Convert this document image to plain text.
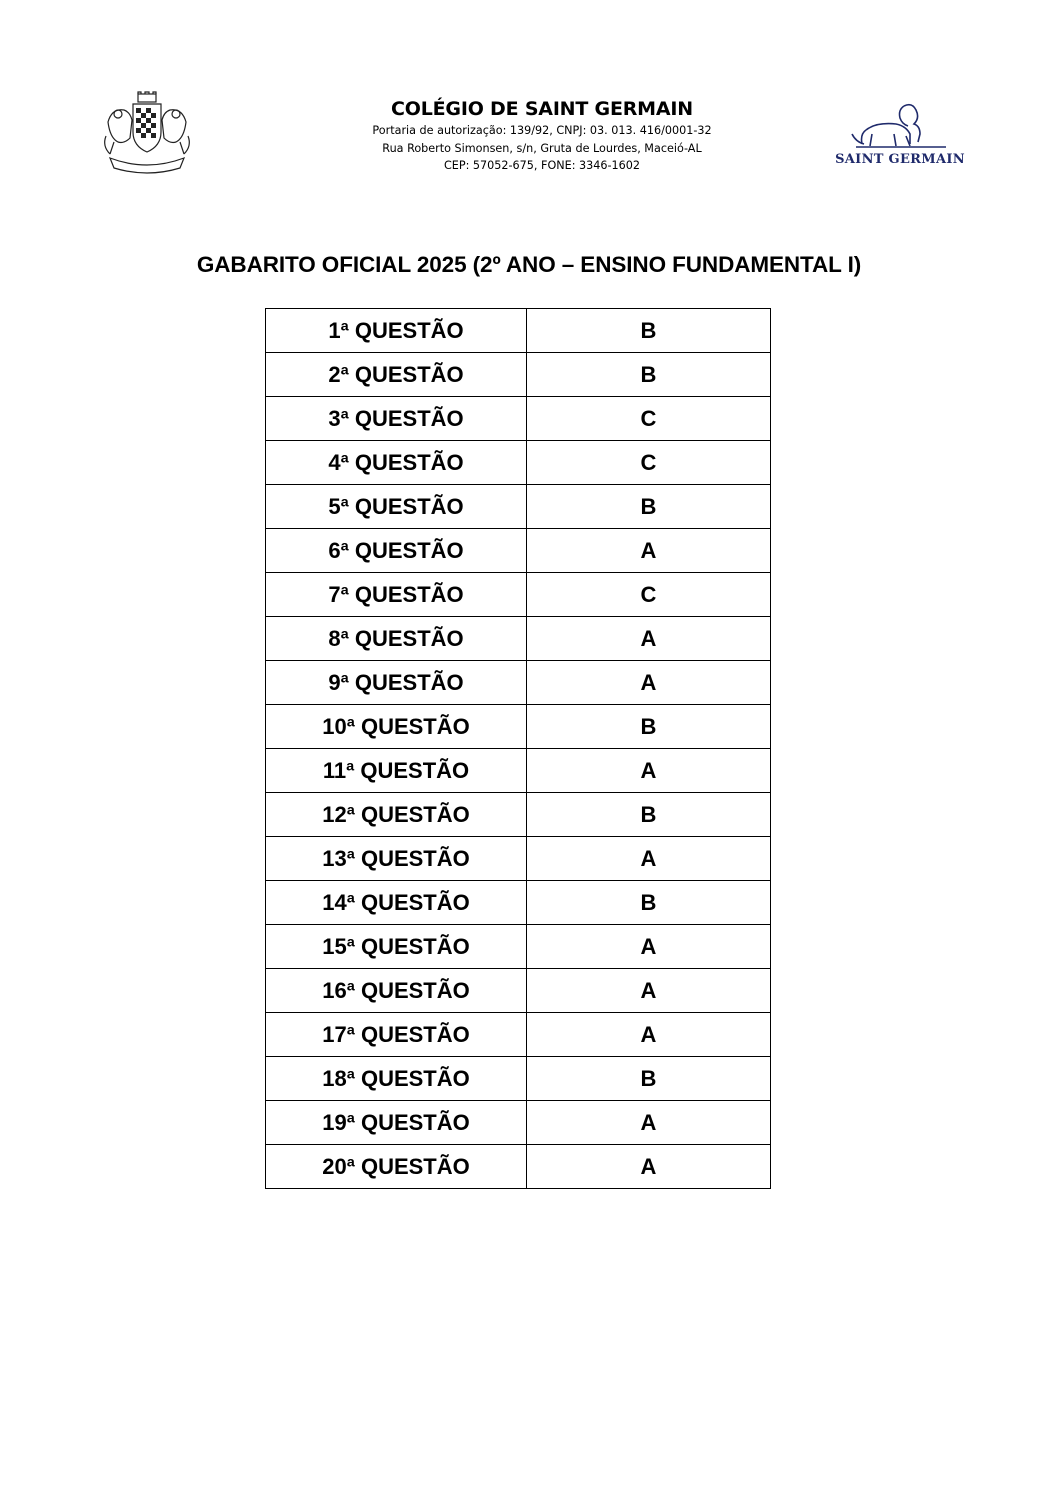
COLÉGIO DE SAINT GERMAIN
Portaria de autorização: 139/92, CNPJ: 03. 013. 416/0001-32
Rua Roberto Simonsen, s/n, Gruta de Lourdes, Maceió-AL
CEP: 57052-675, FONE: 3346-1602	SAINT GERMAIN
GABARITO OFICIAL 2025 (2º ANO – ENSINO FUNDAMENTAL I)
1ª QUESTÃO	B
2ª QUESTÃO	B
3ª QUESTÃO	C
4ª QUESTÃO	C
5ª QUESTÃO	B
6ª QUESTÃO	A
7ª QUESTÃO	C
8ª QUESTÃO	A
9ª QUESTÃO	A
10ª QUESTÃO	B
11ª QUESTÃO	A
12ª QUESTÃO	B
13ª QUESTÃO	A
14ª QUESTÃO	B
15ª QUESTÃO	A
16ª QUESTÃO	A
17ª QUESTÃO	A
18ª QUESTÃO	B
19ª QUESTÃO	A
20ª QUESTÃO	A
